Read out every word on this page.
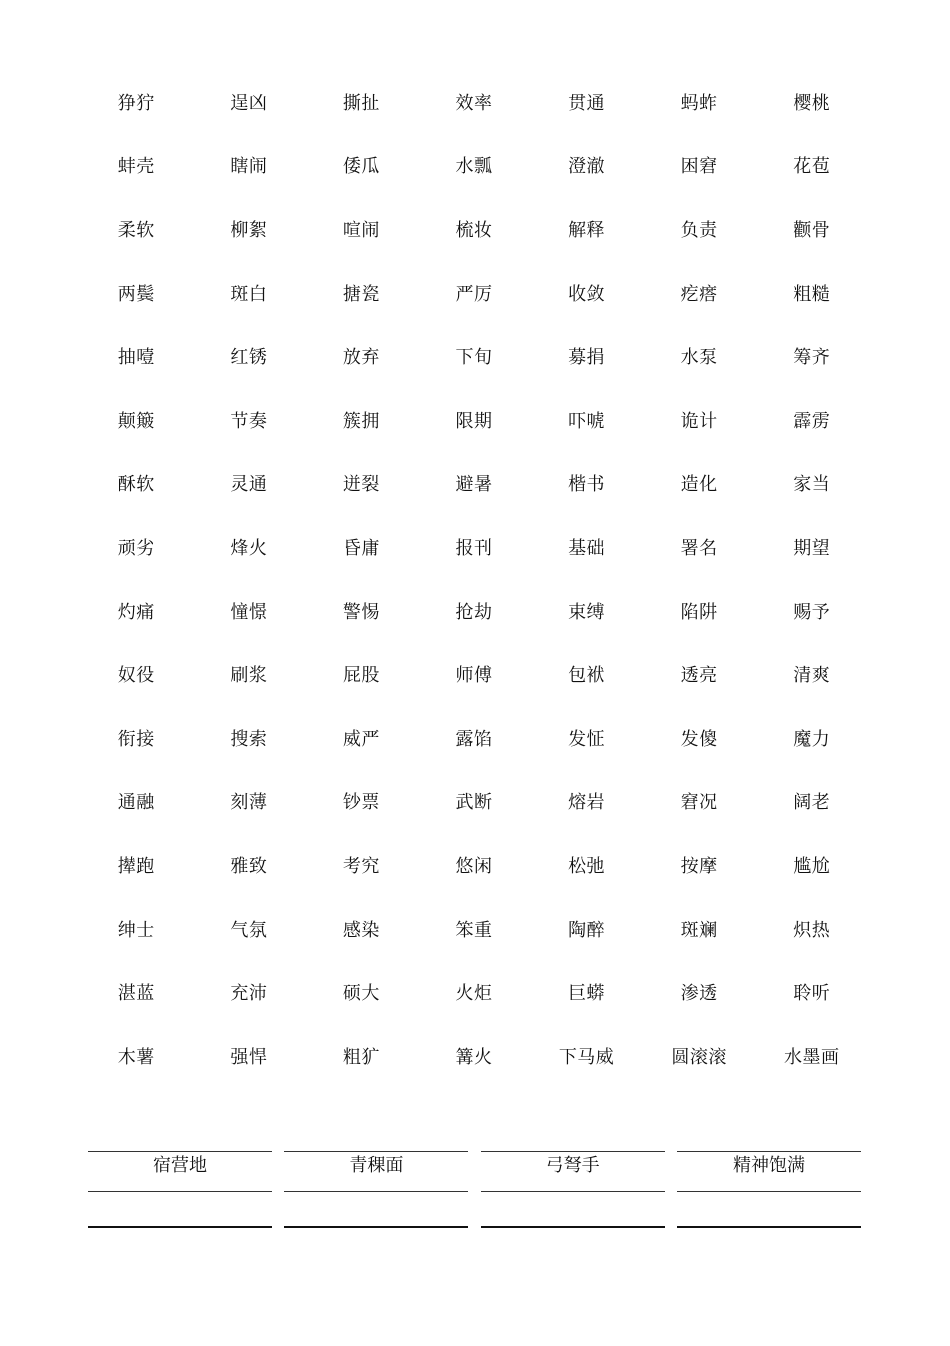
狰狞	逞凶	撕扯	效率	贯通	蚂蚱	樱桃
蚌壳	瞎闹	倭瓜	水瓢	澄澈	困窘	花苞
柔软	柳絮	喧闹	梳妆	解释	负责	颧骨
两鬓	斑白	搪瓷	严厉	收敛	疙瘩	粗糙
抽噎	红锈	放弃	下旬	募捐	水泵	筹齐
颠簸	节奏	簇拥	限期	吓唬	诡计	霹雳
酥软	灵通	迸裂	避暑	楷书	造化	家当
顽劣	烽火	昏庸	报刊	基础	署名	期望
灼痛	憧憬	警惕	抢劫	束缚	陷阱	赐予
奴役	刷浆	屁股	师傅	包袱	透亮	清爽
衔接	搜索	威严	露馅	发怔	发傻	魔力
通融	刻薄	钞票	武断	熔岩	窘况	阔老
撵跑	雅致	考究	悠闲	松弛	按摩	尴尬
绅士	气氛	感染	笨重	陶醉	斑斓	炽热
湛蓝	充沛	硕大	火炬	巨蟒	渗透	聆听
木薯	强悍	粗犷	篝火	下马威	圆滚滚	水墨画
宿营地	青稞面	弓弩手	精神饱满
